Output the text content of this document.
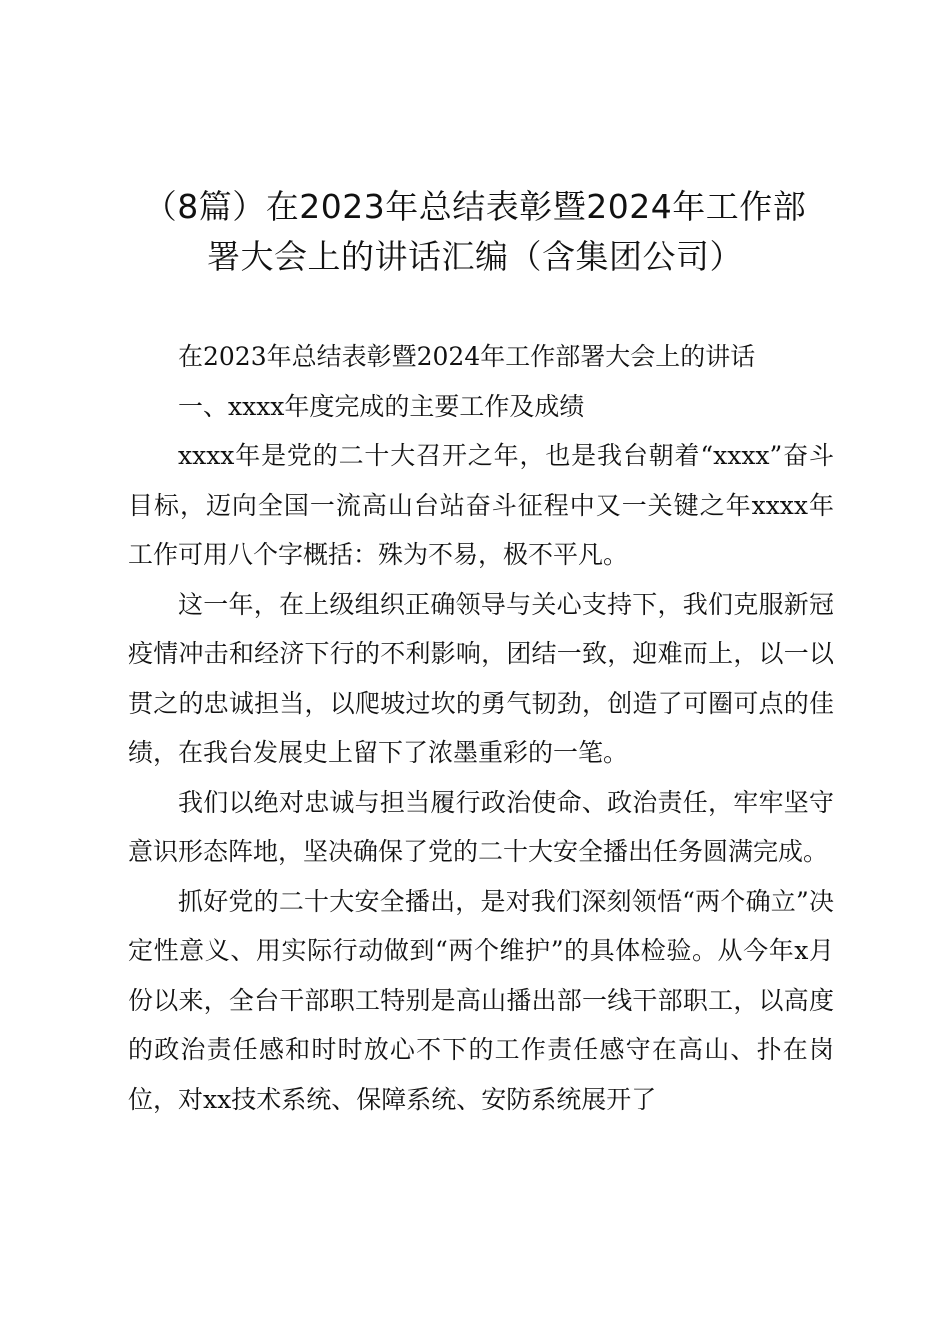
（8篇）在2023年总结表彰暨2024年工作部
署大会上的讲话汇编（含集团公司）

在2023年总结表彰暨2024年工作部署大会上的讲话

一、xxxx年度完成的主要工作及成绩

xxxx年是党的二十大召开之年，也是我台朝着“xxxx”奋斗目标，迈向全国一流高山台站奋斗征程中又一关键之年xxxx年工作可用八个字概括：殊为不易，极不平凡。

这一年，在上级组织正确领导与关心支持下，我们克服新冠疫情冲击和经济下行的不利影响，团结一致，迎难而上，以一以贯之的忠诚担当，以爬坡过坎的勇气韧劲，创造了可圈可点的佳绩，在我台发展史上留下了浓墨重彩的一笔。

我们以绝对忠诚与担当履行政治使命、政治责任，牢牢坚守意识形态阵地，坚决确保了党的二十大安全播出任务圆满完成。

抓好党的二十大安全播出，是对我们深刻领悟“两个确立”决定性意义、用实际行动做到“两个维护”的具体检验。从今年x月份以来，全台干部职工特别是高山播出部一线干部职工，以高度的政治责任感和时时放心不下的工作责任感守在高山、扑在岗位，对xx技术系统、保障系统、安防系统展开了
